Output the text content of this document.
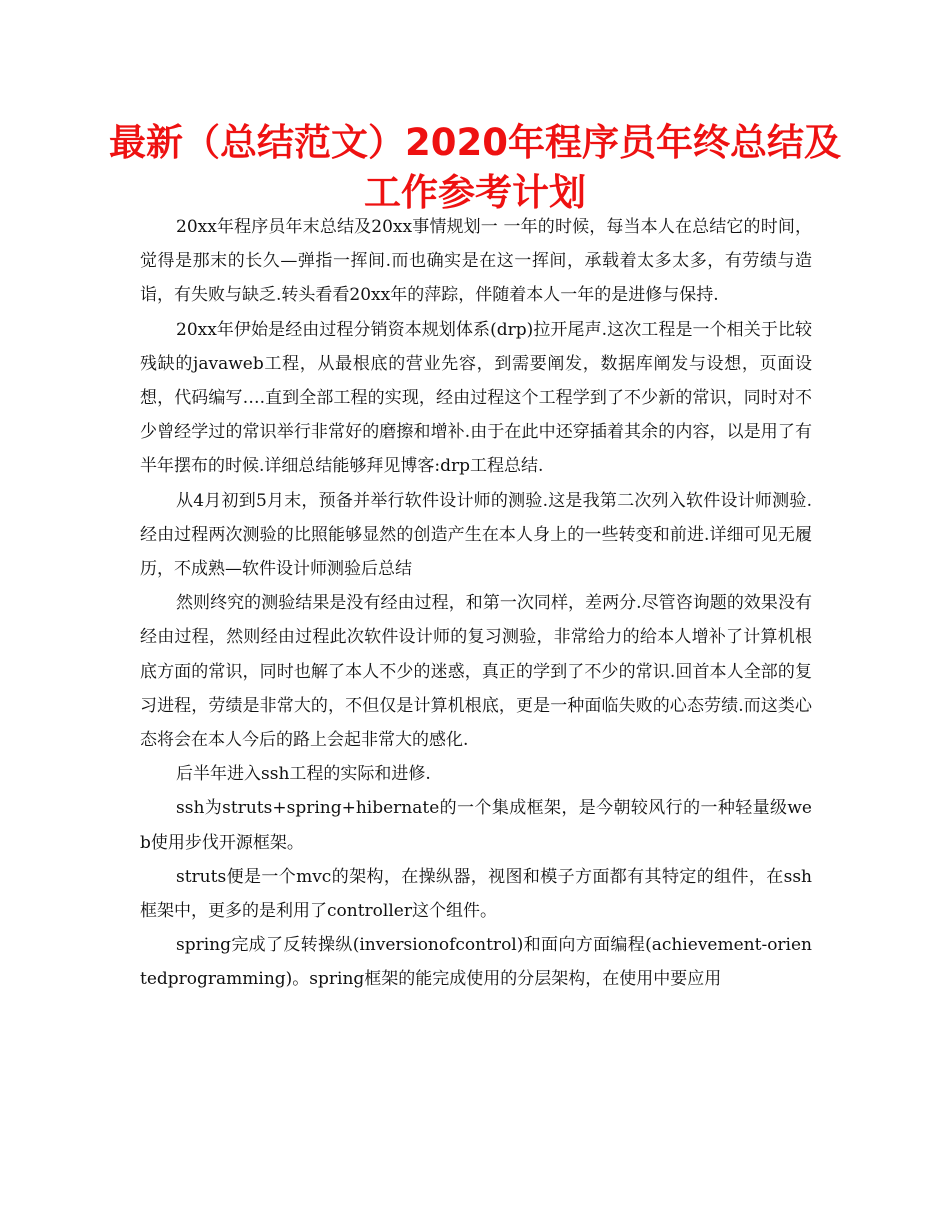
最新（总结范文）2020年程序员年终总结及工作参考计划

20xx年程序员年末总结及20xx事情规划一 一年的时候，每当本人在总结它的时间，觉得是那末的长久—弹指一挥间.而也确实是在这一挥间，承载着太多太多，有劳绩与造诣，有失败与缺乏.转头看看20xx年的萍踪，伴随着本人一年的是进修与保持.

20xx年伊始是经由过程分销资本规划体系(drp)拉开尾声.这次工程是一个相关于比较残缺的javaweb工程，从最根底的营业先容，到需要阐发，数据库阐发与设想，页面设想，代码编写….直到全部工程的实现，经由过程这个工程学到了不少新的常识，同时对不少曾经学过的常识举行非常好的磨擦和增补.由于在此中还穿插着其余的内容，以是用了有半年摆布的时候.详细总结能够拜见博客:drp工程总结.

从4月初到5月末，预备并举行软件设计师的测验.这是我第二次列入软件设计师测验.经由过程两次测验的比照能够显然的创造产生在本人身上的一些转变和前进.详细可见无履历，不成熟—软件设计师测验后总结

然则终究的测验结果是没有经由过程，和第一次同样，差两分.尽管咨询题的效果没有经由过程，然则经由过程此次软件设计师的复习测验，非常给力的给本人增补了计算机根底方面的常识，同时也解了本人不少的迷惑，真正的学到了不少的常识.回首本人全部的复习进程，劳绩是非常大的，不但仅是计算机根底，更是一种面临失败的心态劳绩.而这类心态将会在本人今后的路上会起非常大的感化.

后半年进入ssh工程的实际和进修.

ssh为struts+spring+hibernate的一个集成框架，是今朝较风行的一种轻量级web使用步伐开源框架。

struts便是一个mvc的架构，在操纵器，视图和模子方面都有其特定的组件，在ssh框架中，更多的是利用了controller这个组件。

spring完成了反转操纵(inversionofcontrol)和面向方面编程(achievement-orientedprogramming)。spring框架的能完成使用的分层架构，在使用中要应用
